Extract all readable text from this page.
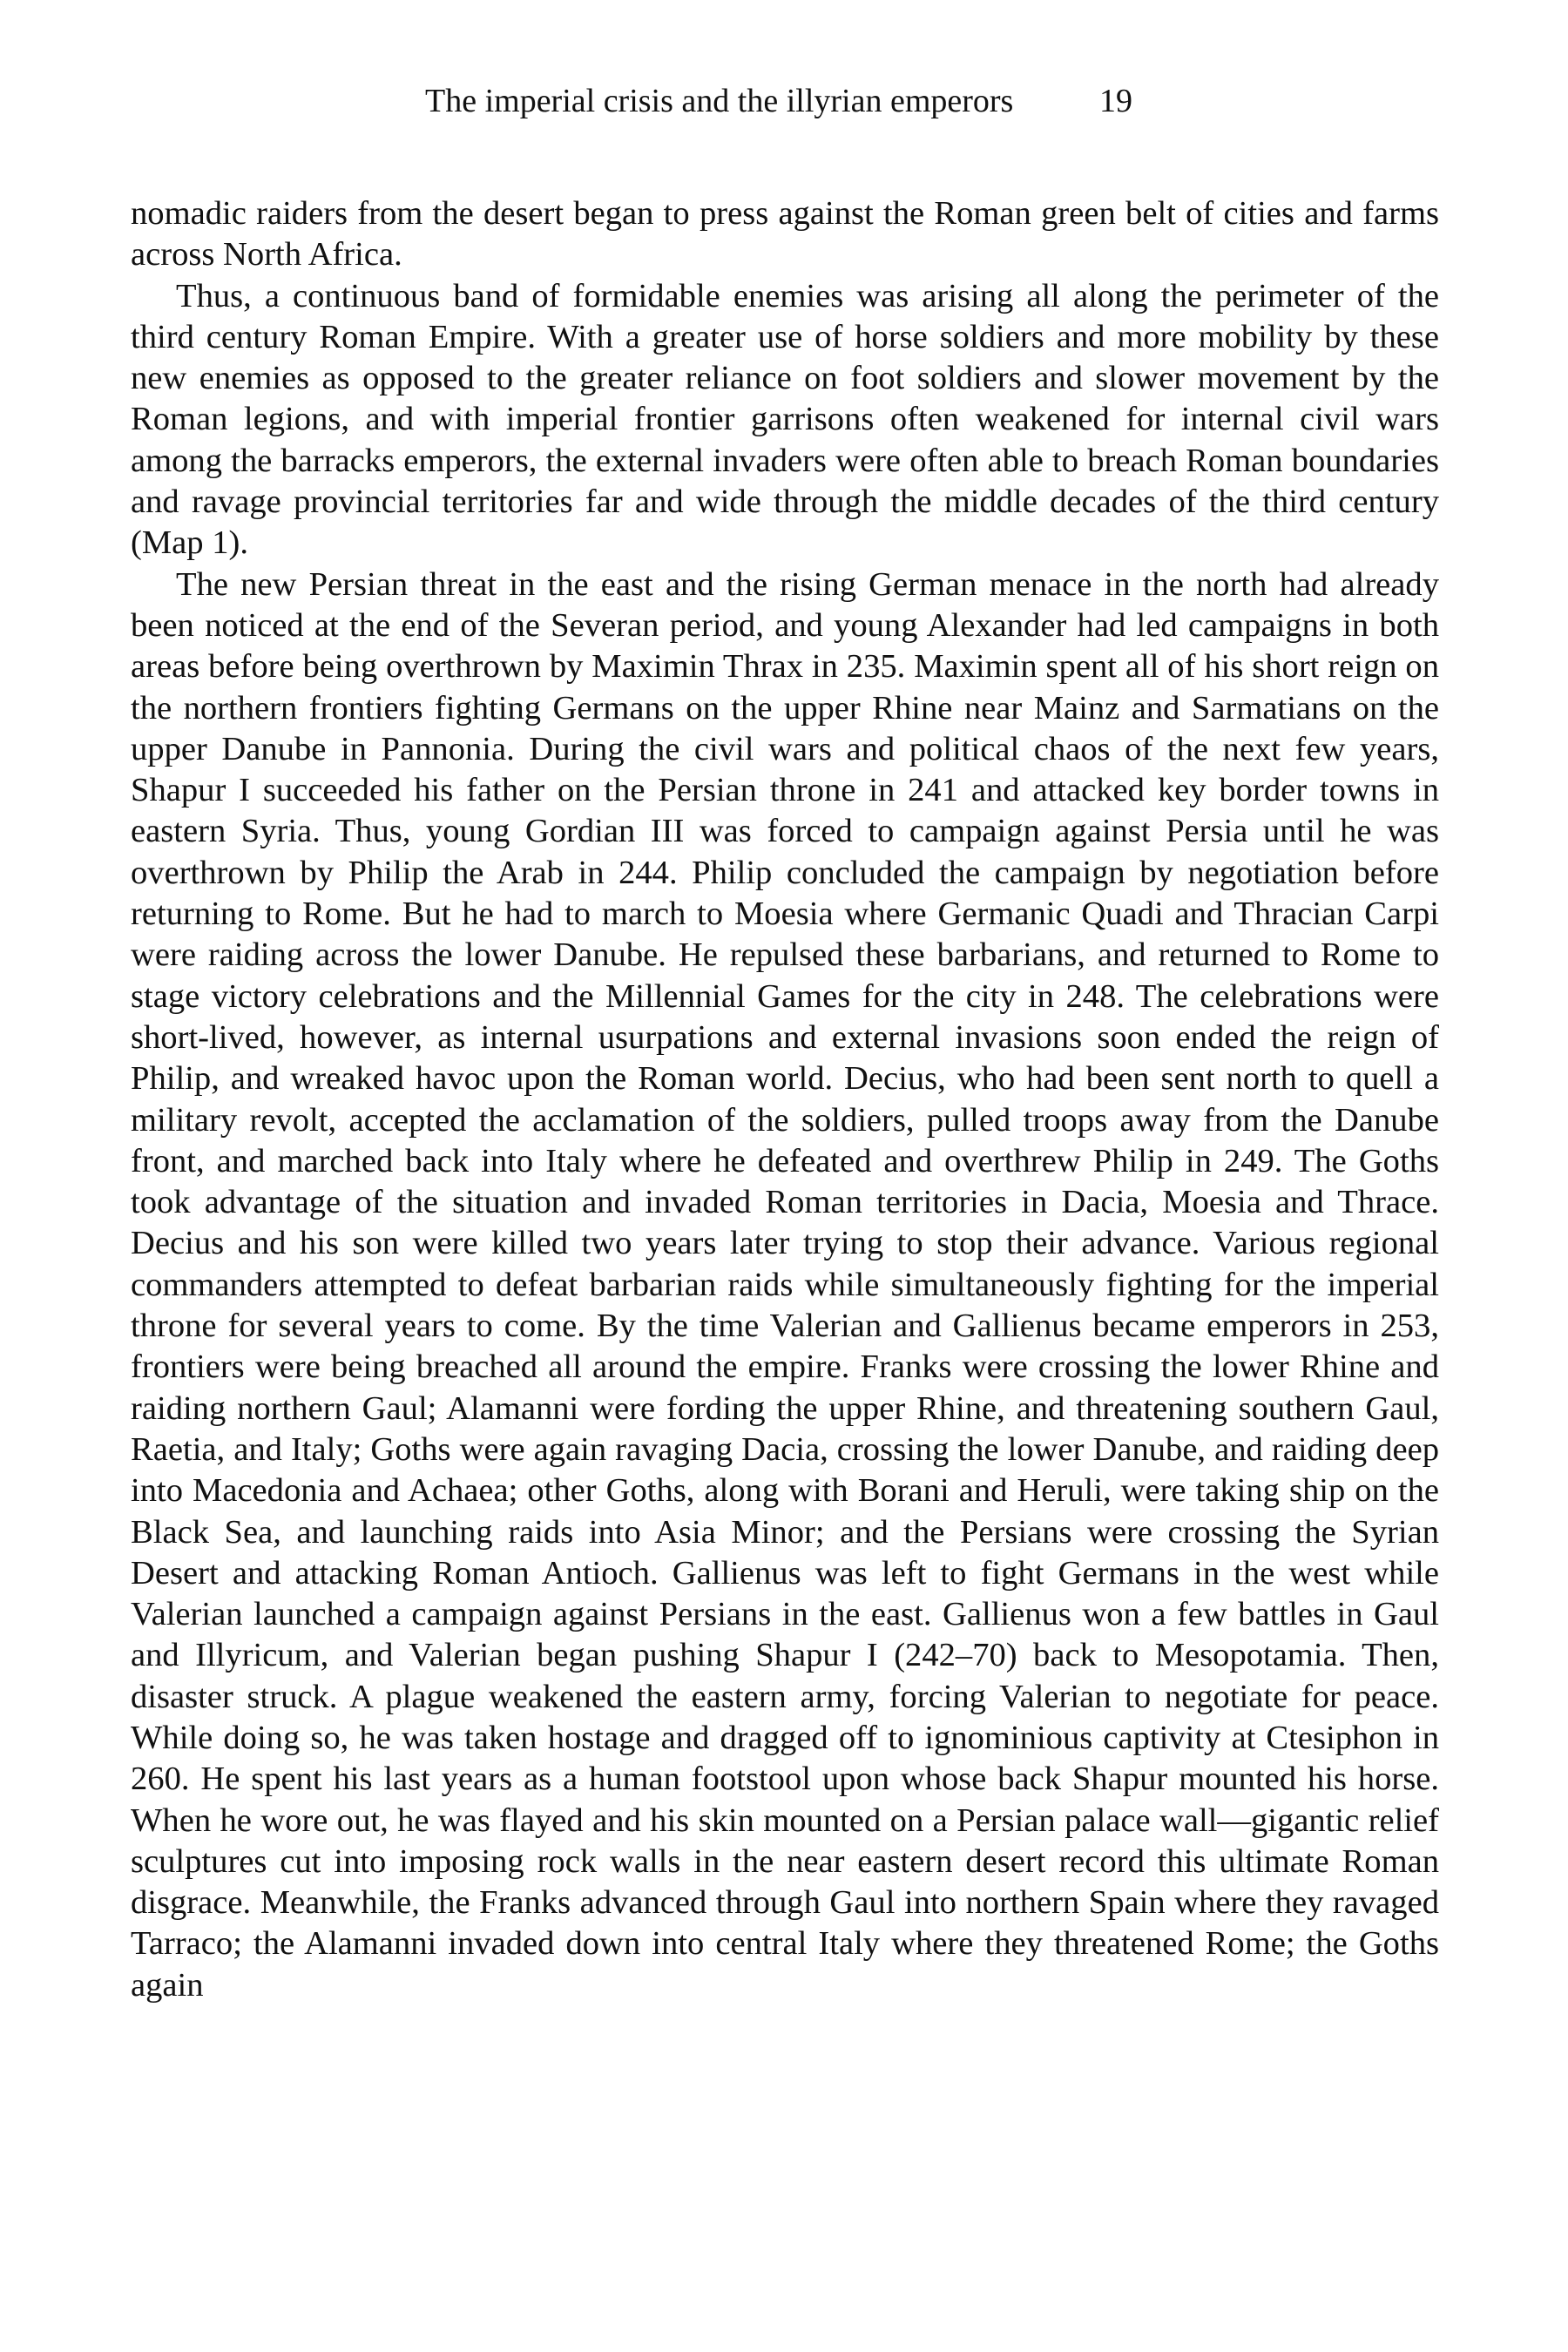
The imperial crisis and the illyrian emperors	19

nomadic raiders from the desert began to press against the Roman green belt of cities and farms across North Africa.

Thus, a continuous band of formidable enemies was arising all along the perimeter of the third century Roman Empire. With a greater use of horse soldiers and more mobility by these new enemies as opposed to the greater reliance on foot soldiers and slower movement by the Roman legions, and with imperial frontier garrisons often weakened for internal civil wars among the barracks emperors, the external invaders were often able to breach Roman boundaries and ravage provincial territories far and wide through the middle decades of the third century (Map 1).

The new Persian threat in the east and the rising German menace in the north had already been noticed at the end of the Severan period, and young Alexander had led campaigns in both areas before being overthrown by Maximin Thrax in 235. Maximin spent all of his short reign on the northern frontiers fighting Germans on the upper Rhine near Mainz and Sarmatians on the upper Danube in Pannonia. During the civil wars and political chaos of the next few years, Shapur I succeeded his father on the Persian throne in 241 and attacked key border towns in eastern Syria. Thus, young Gordian III was forced to campaign against Persia until he was overthrown by Philip the Arab in 244. Philip concluded the campaign by negotiation before returning to Rome. But he had to march to Moesia where Germanic Quadi and Thracian Carpi were raiding across the lower Danube. He repulsed these barbarians, and returned to Rome to stage victory celebrations and the Millennial Games for the city in 248. The celebrations were short-lived, however, as internal usurpations and external invasions soon ended the reign of Philip, and wreaked havoc upon the Roman world. Decius, who had been sent north to quell a military revolt, accepted the acclamation of the soldiers, pulled troops away from the Danube front, and marched back into Italy where he defeated and overthrew Philip in 249. The Goths took advantage of the situation and invaded Roman territories in Dacia, Moesia and Thrace. Decius and his son were killed two years later trying to stop their advance. Various regional commanders attempted to defeat barbarian raids while simultaneously fighting for the imperial throne for several years to come. By the time Valerian and Gallienus became emperors in 253, frontiers were being breached all around the empire. Franks were crossing the lower Rhine and raiding northern Gaul; Alamanni were fording the upper Rhine, and threatening southern Gaul, Raetia, and Italy; Goths were again ravaging Dacia, crossing the lower Danube, and raiding deep into Macedonia and Achaea; other Goths, along with Borani and Heruli, were taking ship on the Black Sea, and launching raids into Asia Minor; and the Persians were crossing the Syrian Desert and attacking Roman Antioch. Gallienus was left to fight Germans in the west while Valerian launched a campaign against Persians in the east. Gallienus won a few battles in Gaul and Illyricum, and Valerian began pushing Shapur I (242–70) back to Mesopotamia. Then, disaster struck. A plague weakened the eastern army, forcing Valerian to negotiate for peace. While doing so, he was taken hostage and dragged off to ignominious captivity at Ctesiphon in 260. He spent his last years as a human footstool upon whose back Shapur mounted his horse. When he wore out, he was flayed and his skin mounted on a Persian palace wall—gigantic relief sculptures cut into imposing rock walls in the near eastern desert record this ultimate Roman disgrace. Meanwhile, the Franks advanced through Gaul into northern Spain where they ravaged Tarraco; the Alamanni invaded down into central Italy where they threatened Rome; the Goths again
